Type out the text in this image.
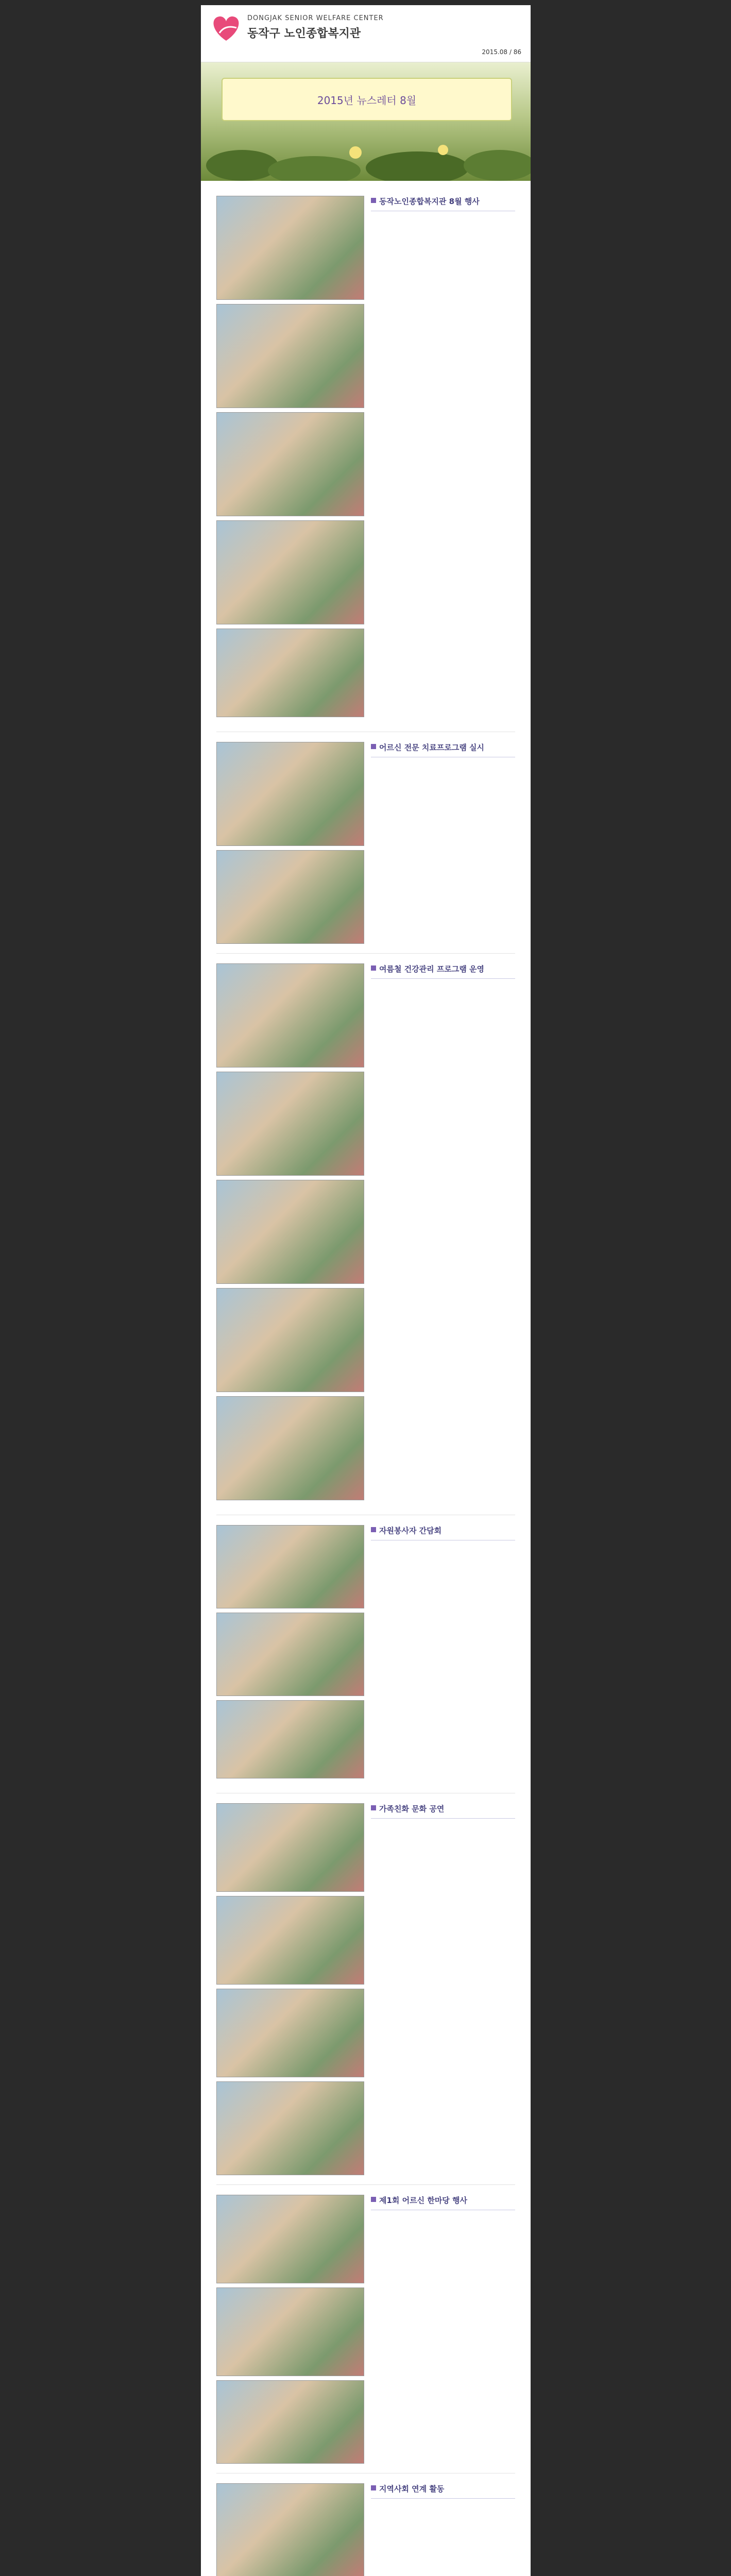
DONGJAK SENIOR WELFARE CENTER
동작구 노인종합복지관
2015.08 / 86
2015년 뉴스레터 8월
동작노인종합복지관 8월 행사
어르신 전문 치료프로그램 실시
여름철 건강관리 프로그램 운영
자원봉사자 간담회
가족친화 문화 공연
제1회 어르신 한마당 행사
지역사회 연계 활동
